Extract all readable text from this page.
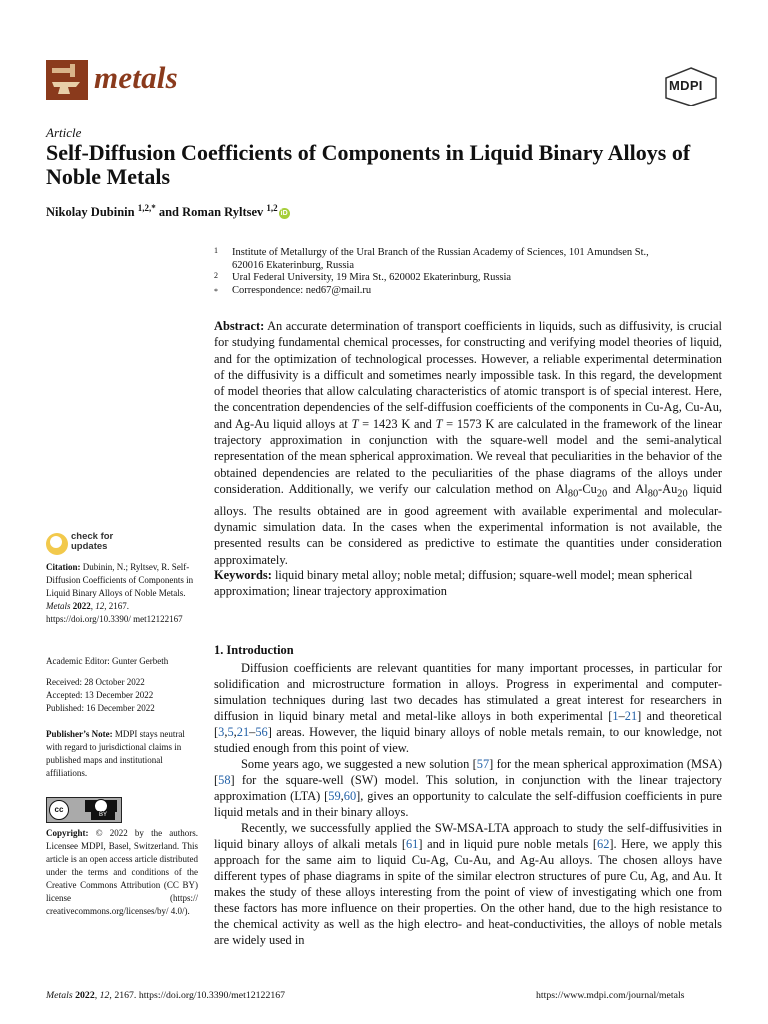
metals	MDPI
Article
Self-Diffusion Coefficients of Components in Liquid Binary Alloys of Noble Metals
Nikolay Dubinin $^{1,2,*}$ and Roman Ryltsev $^{1,2}$iD
1 Institute of Metallurgy of the Ural Branch of the Russian Academy of Sciences, 101 Amundsen St.,
620016 Ekaterinburg, Russia
2 Ural Federal University, 19 Mira St., 620002 Ekaterinburg, Russia
* Correspondence: ned67@mail.ru
Abstract: An accurate determination of transport coefficients in liquids, such as diffusivity, is crucial for studying fundamental chemical processes, for constructing and verifying model theories of liquid, and for the optimization of technological processes. However, a reliable experimental determination of the diffusivity is a difficult and sometimes nearly impossible task. In this regard, the development of model theories that allow calculating characteristics of atomic transport is of special interest. Here, the concentration dependencies of the self-diffusion coefficients of the components in Cu-Ag, Cu-Au, and Ag-Au liquid alloys at T = 1423 K and T = 1573 K are calculated in the framework of the linear trajectory approximation in conjunction with the square-well model and the semi-analytical representation of the mean spherical approximation. We reveal that peculiarities in the behavior of the obtained dependencies are related to the peculiarities of the phase diagrams of the alloys under consideration. Additionally, we verify our calculation method on $Al_{80}-Cu_{20}$ and $Al_{80}-Au_{20}$ liquid alloys. The results obtained are in good agreement with available experimental and molecular-dynamic simulation data. In the cases when the experimental information is not available, the presented results can be considered as predictive to estimate the quantities under consideration approximately.
Keywords: liquid binary metal alloy; noble metal; diffusion; square-well model; mean spherical approximation; linear trajectory approximation
1. Introduction

Diffusion coefficients are relevant quantities for many important processes, in particular for solidification and microstructure formation in alloys. Progress in experimental and computer-simulation techniques during last two decades has stimulated a great interest for researchers in diffusion in liquid binary metal and metal-like alloys in both experimental [1–21] and theoretical [3,5,21–56] areas. However, the liquid binary alloys of noble metals remain, to our knowledge, not studied enough from this point of view.

Some years ago, we suggested a new solution [57] for the mean spherical approximation (MSA) [58] for the square-well (SW) model. This solution, in conjunction with the linear trajectory approximation (LTA) [59,60], gives an opportunity to calculate the self-diffusion coefficients in pure liquid metals and in their binary alloys.

Recently, we successfully applied the SW-MSA-LTA approach to study the self-diffusivities in liquid binary alloys of alkali metals [61] and in liquid pure noble metals [62]. Here, we apply this approach for the same aim to liquid Cu-Ag, Cu-Au, and Ag-Au alloys. The chosen alloys have different types of phase diagrams in spite of the similar electron structures of pure Cu, Ag, and Au. It makes the study of these alloys interesting from the point of view of investigating which one from these factors has more influence on their properties. On the other hand, due to the high resistance to the chemical activity as well as the high electro- and heat-conductivities, the alloys of noble metals are widely used in

check for
updates
Citation: Dubinin, N.; Ryltsev, R. Self-Diffusion Coefficients of Components in Liquid Binary Alloys of Noble Metals. Metals 2022, 12, 2167. https://doi.org/10.3390/ met12122167
Academic Editor: Gunter Gerbeth
Received: 28 October 2022
Accepted: 13 December 2022
Published: 16 December 2022
Publisher’s Note: MDPI stays neutral with regard to jurisdictional claims in published maps and institutional affiliations.
cc
BY
Copyright: © 2022 by the authors. Licensee MDPI, Basel, Switzerland. This article is an open access article distributed under the terms and conditions of the Creative Commons Attribution (CC BY) license (https:// creativecommons.org/licenses/by/ 4.0/).
Metals 2022, 12, 2167. https://doi.org/10.3390/met12122167	https://www.mdpi.com/journal/metals
